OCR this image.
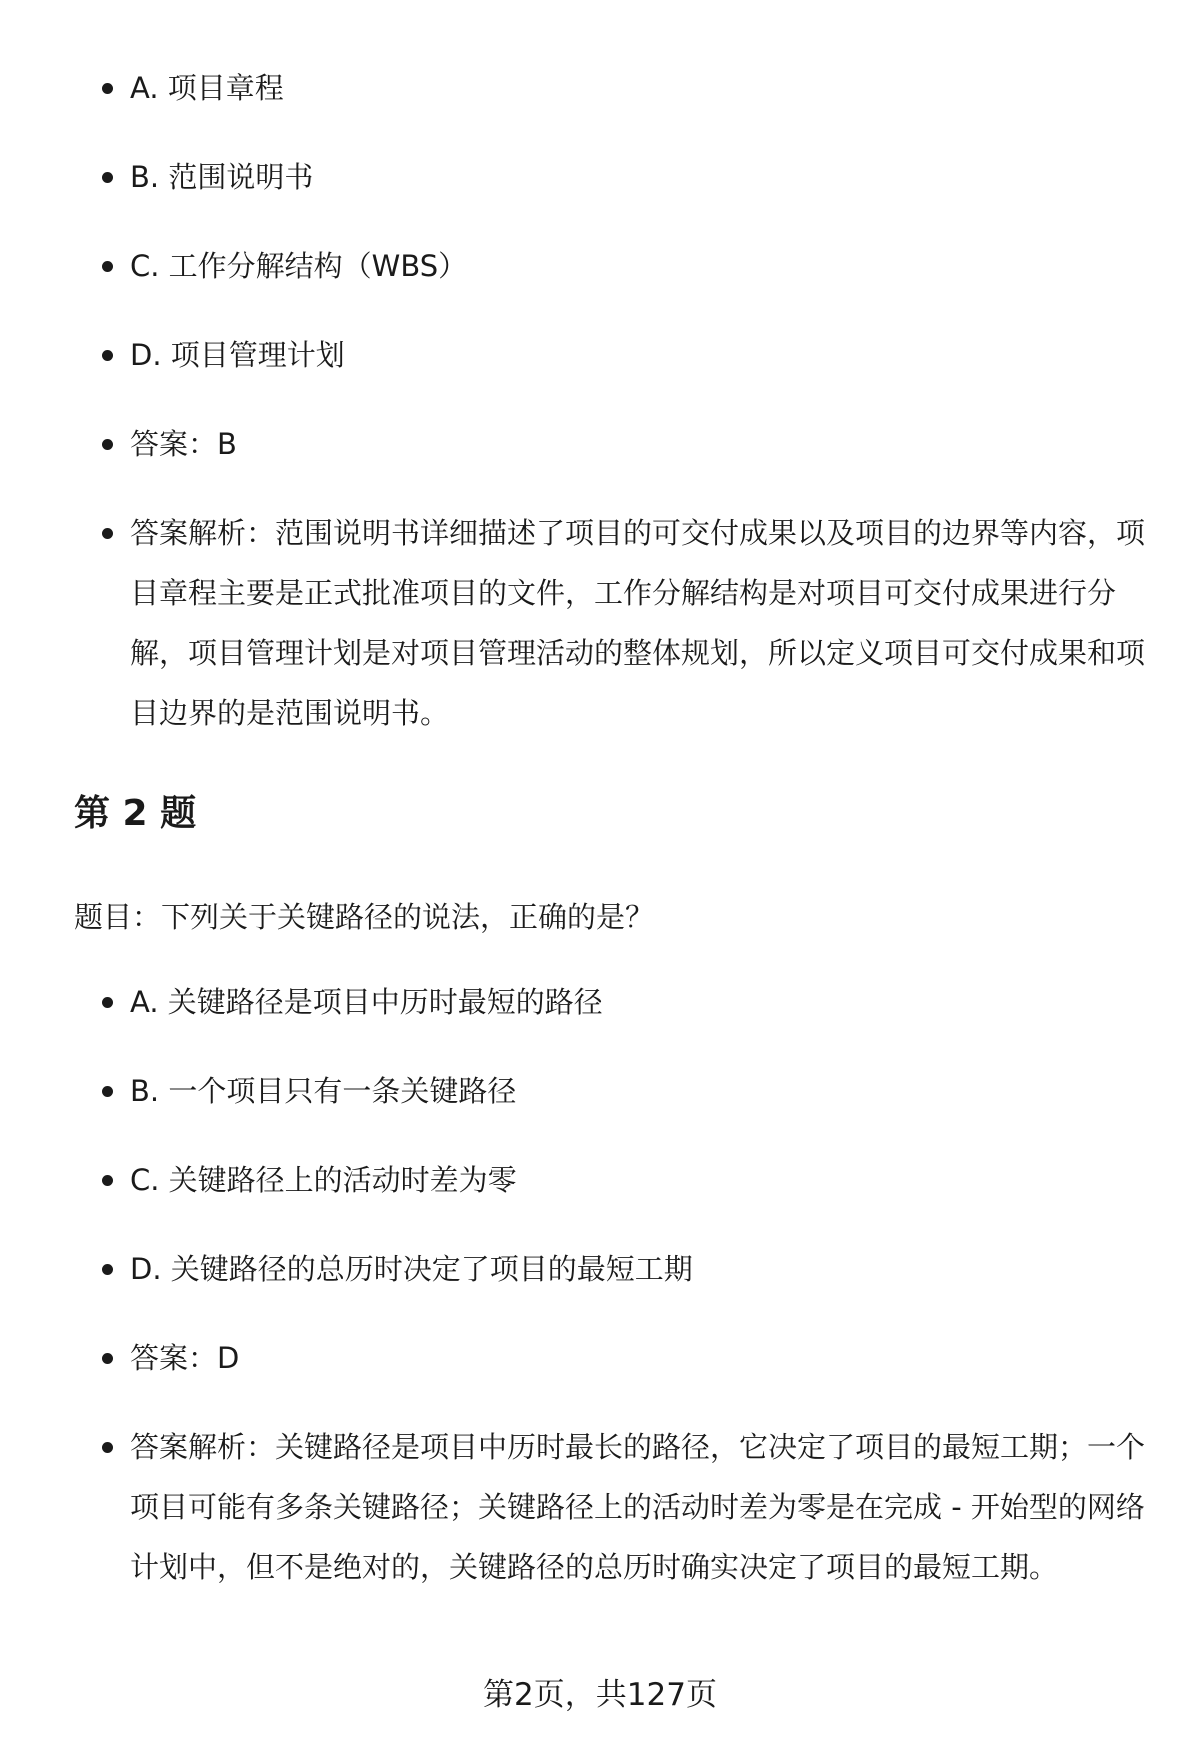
A. 项目章程
B. 范围说明书
C. 工作分解结构（WBS）
D. 项目管理计划
答案：B
答案解析：范围说明书详细描述了项目的可交付成果以及项目的边界等内容，项目章程主要是正式批准项目的文件，工作分解结构是对项目可交付成果进行分解，项目管理计划是对项目管理活动的整体规划，所以定义项目可交付成果和项目边界的是范围说明书。
第 2 题
题目：下列关于关键路径的说法，正确的是？
A. 关键路径是项目中历时最短的路径
B. 一个项目只有一条关键路径
C. 关键路径上的活动时差为零
D. 关键路径的总历时决定了项目的最短工期
答案：D
答案解析：关键路径是项目中历时最长的路径，它决定了项目的最短工期；一个项目可能有多条关键路径；关键路径上的活动时差为零是在完成 - 开始型的网络计划中，但不是绝对的，关键路径的总历时确实决定了项目的最短工期。
第2页，共127页
